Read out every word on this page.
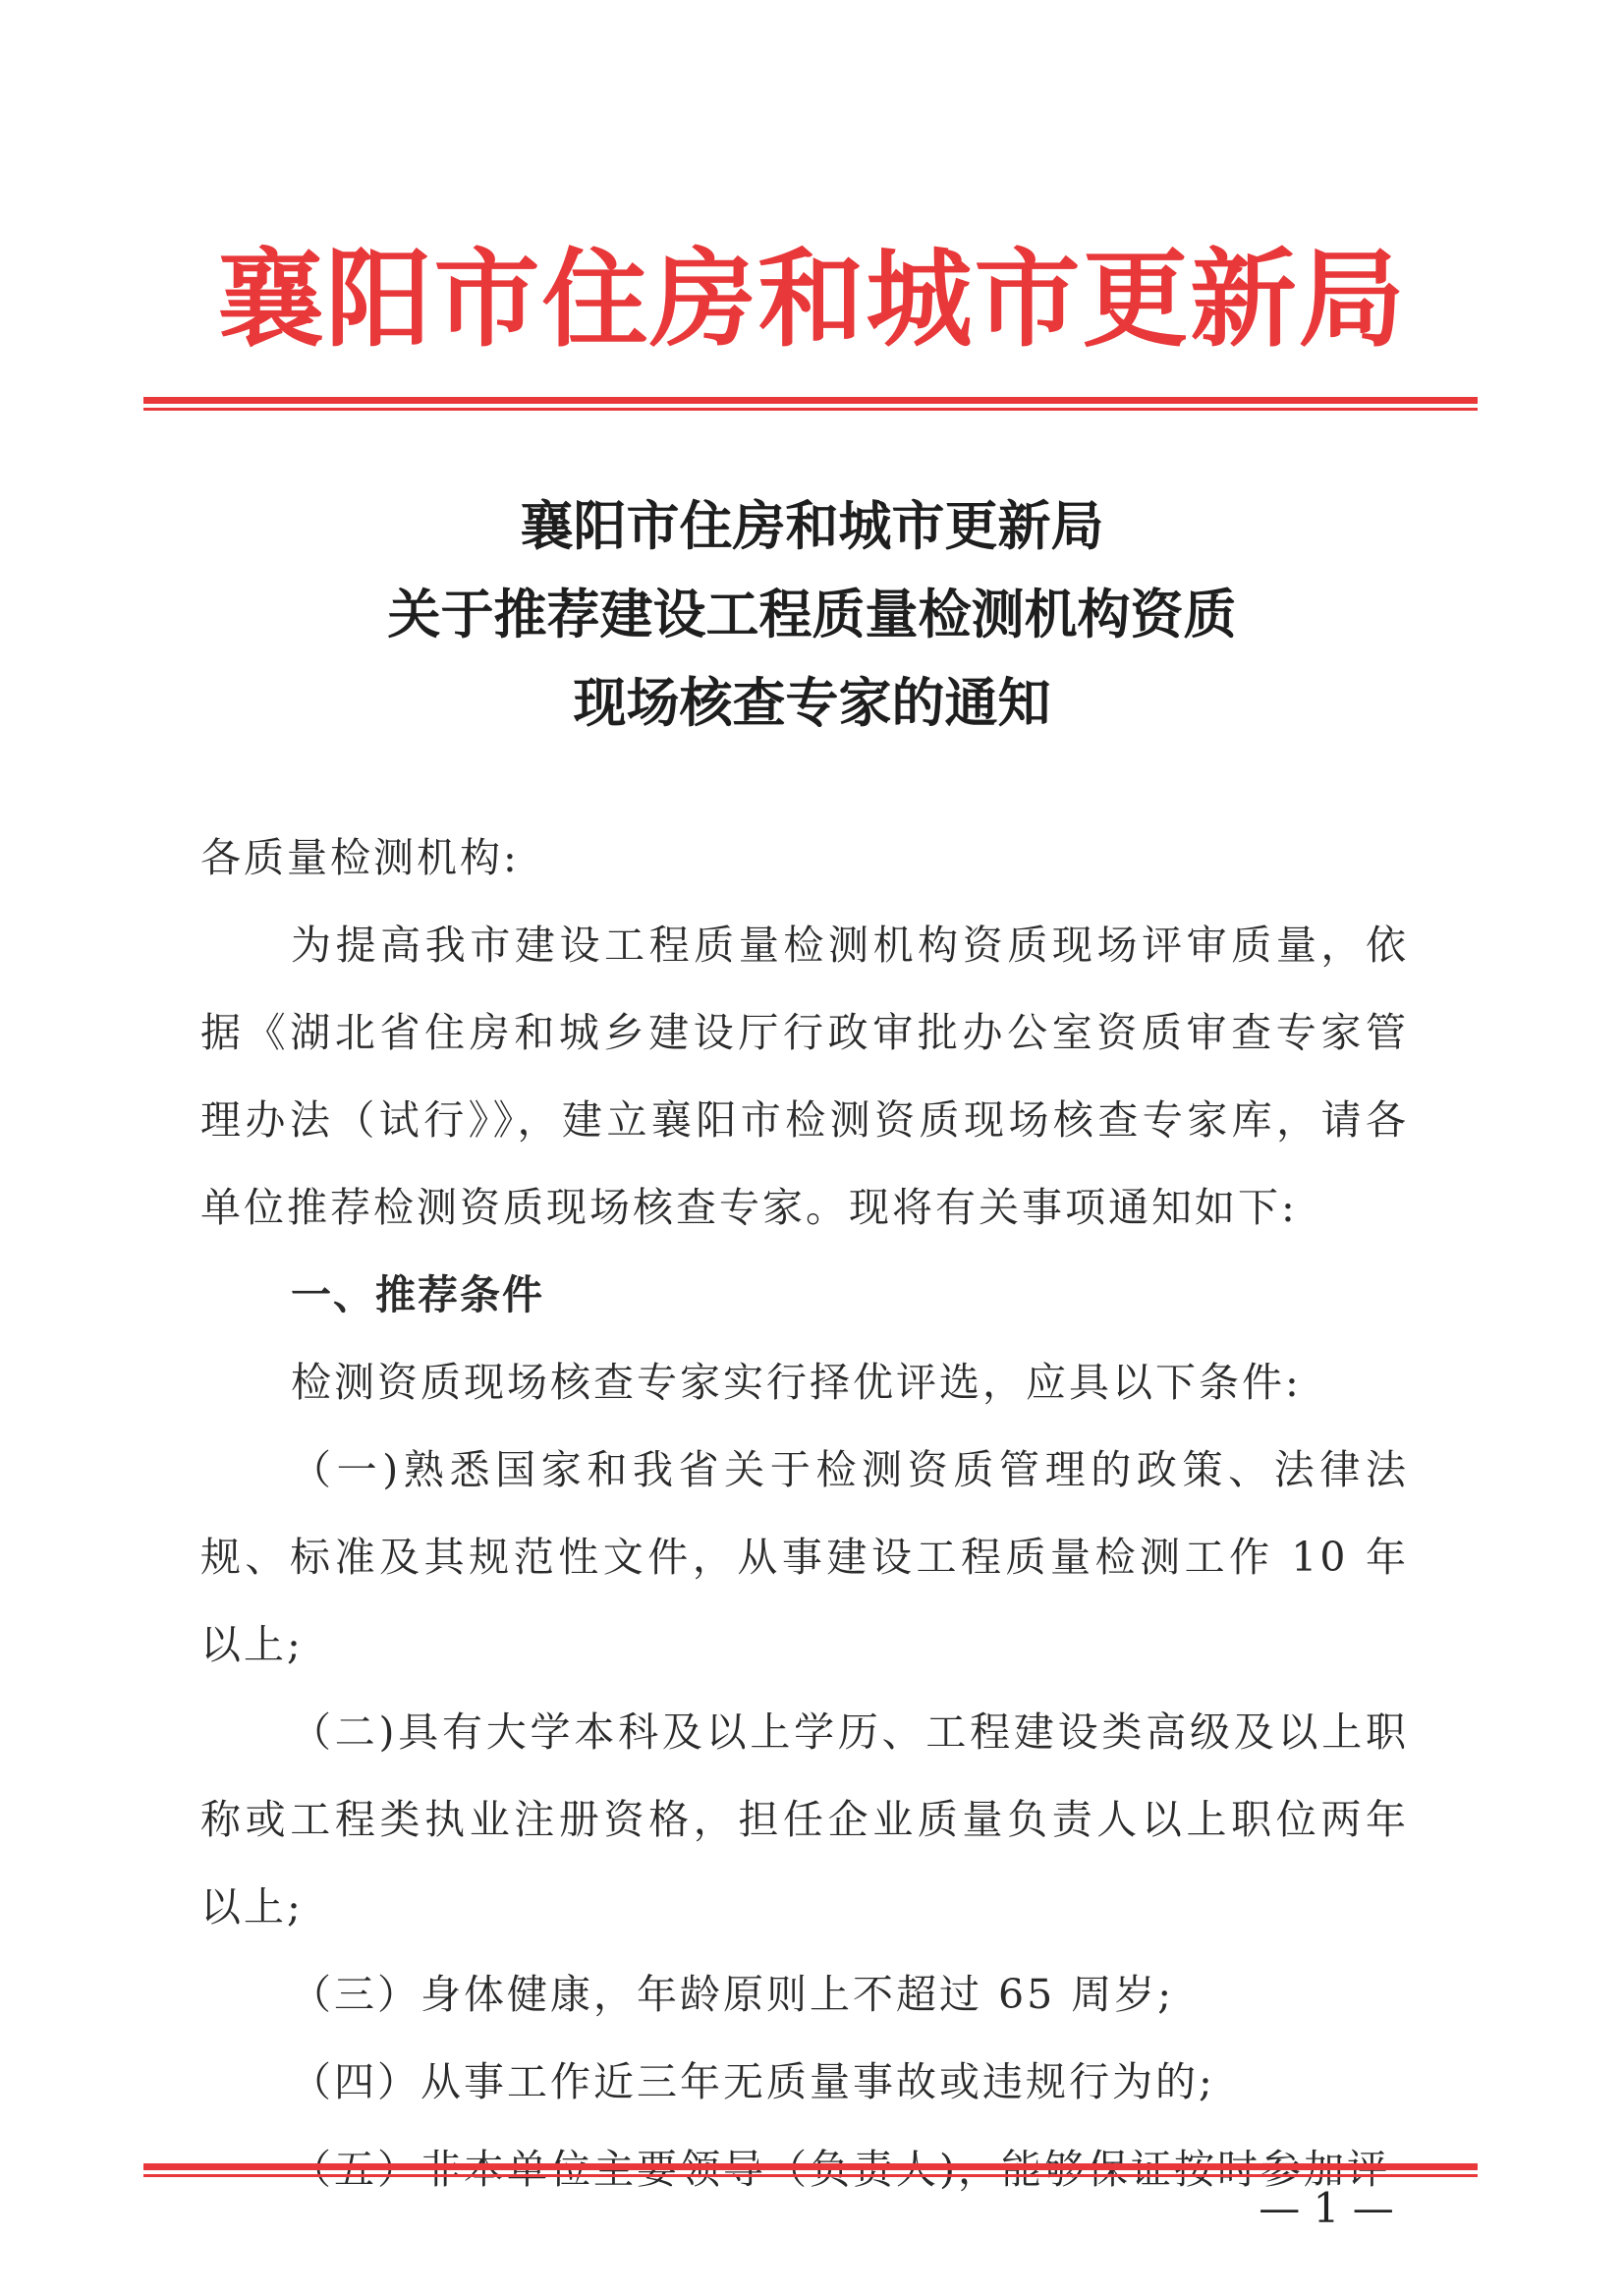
襄阳市住房和城市更新局
襄阳市住房和城市更新局
关于推荐建设工程质量检测机构资质
现场核查专家的通知

各质量检测机构:

为提高我市建设工程质量检测机构资质现场评审质量，依据《湖北省住房和城乡建设厅行政审批办公室资质审查专家管理办法（试行》》，建立襄阳市检测资质现场核查专家库，请各单位推荐检测资质现场核查专家。现将有关事项通知如下:

一、推荐条件

检测资质现场核查专家实行择优评选，应具以下条件:

（一)熟悉国家和我省关于检测资质管理的政策、法律法规、标准及其规范性文件，从事建设工程质量检测工作 10 年以上;

（二)具有大学本科及以上学历、工程建设类高级及以上职称或工程类执业注册资格，担任企业质量负责人以上职位两年以上;

（三）身体健康，年龄原则上不超过 65 周岁;

（四）从事工作近三年无质量事故或违规行为的;

— 1 —
